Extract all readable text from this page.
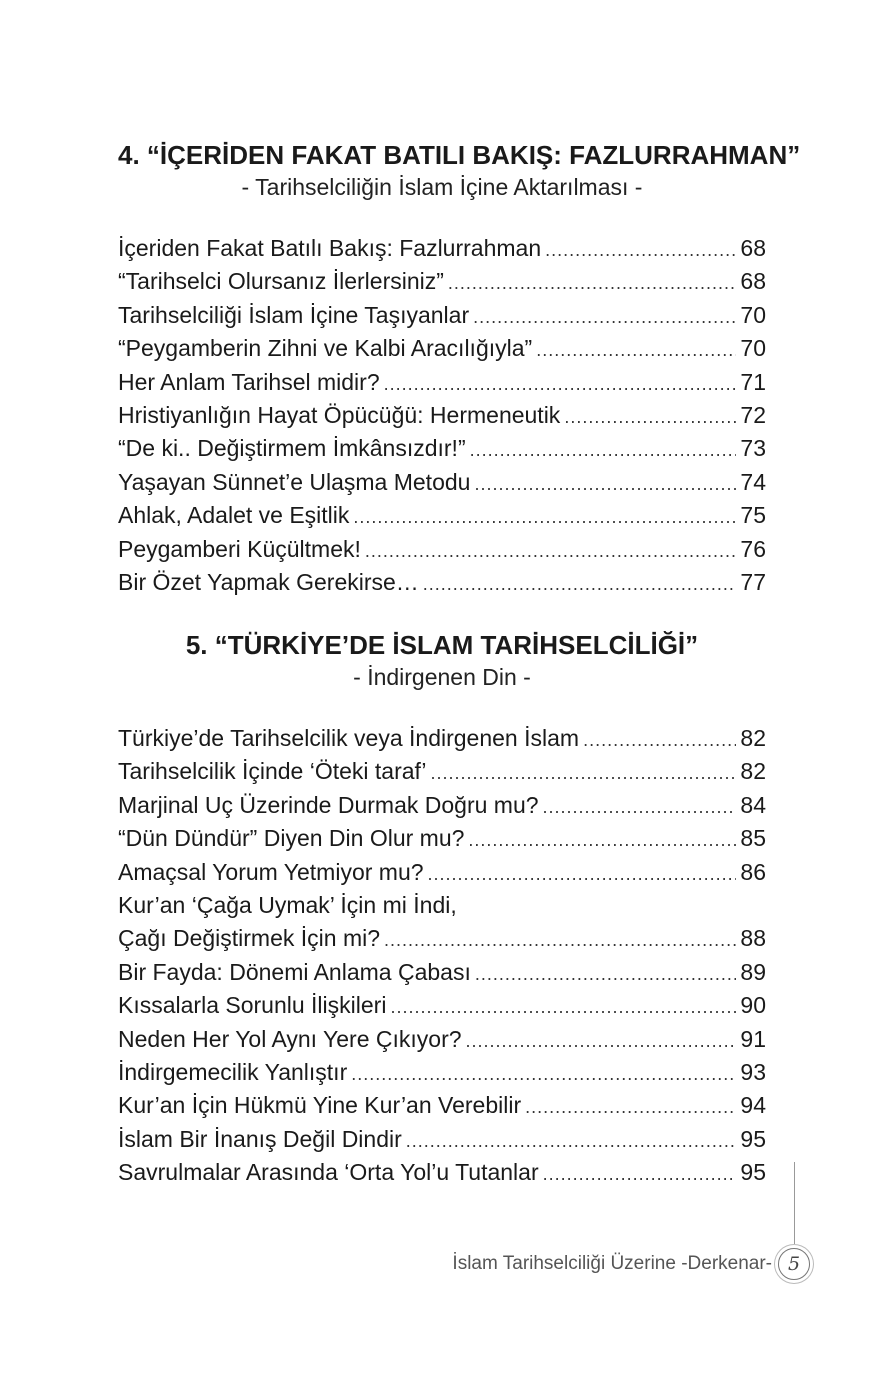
4. “İÇERİDEN FAKAT BATILI BAKIŞ: FAZLURRAHMAN”

- Tarihselciliğin İslam İçine Aktarılması -

İçeriden Fakat Batılı Bakış: Fazlurrahman .....	68
“Tarihselci Olursanız İlerlersiniz” .....	68
Tarihselciliği İslam İçine Taşıyanlar .....	70
“Peygamberin Zihni ve Kalbi Aracılığıyla” .....	70
Her Anlam Tarihsel midir? .....	71
Hristiyanlığın Hayat Öpücüğü: Hermeneutik .....	72
“De ki.. Değiştirmem İmkânsızdır!” .....	73
Yaşayan Sünnet’e Ulaşma Metodu .....	74
Ahlak, Adalet ve Eşitlik .....	75
Peygamberi Küçültmek! .....	76
Bir Özet Yapmak Gerekirse… .....	77
5. “TÜRKİYE’DE İSLAM TARİHSELCİLİĞİ”

- İndirgenen Din -

Türkiye’de Tarihselcilik veya İndirgenen İslam .....	82
Tarihselcilik İçinde ‘Öteki taraf’ .....	82
Marjinal Uç Üzerinde Durmak Doğru mu? .....	84
“Dün Dündür” Diyen Din Olur mu? .....	85
Amaçsal Yorum Yetmiyor mu? .....	86
Kur’an ‘Çağa Uymak’ İçin mi İndi,
Çağı Değiştirmek İçin mi? .....	88
Bir Fayda: Dönemi Anlama Çabası .....	89
Kıssalarla Sorunlu İlişkileri .....	90
Neden Her Yol Aynı Yere Çıkıyor? .....	91
İndirgemecilik Yanlıştır .....	93
Kur’an İçin Hükmü Yine Kur’an Verebilir .....	94
İslam Bir İnanış Değil Dindir .....	95
Savrulmalar Arasında ‘Orta Yol’u Tutanlar .....	95
İslam Tarihselciliği Üzerine -Derkenar- 5
